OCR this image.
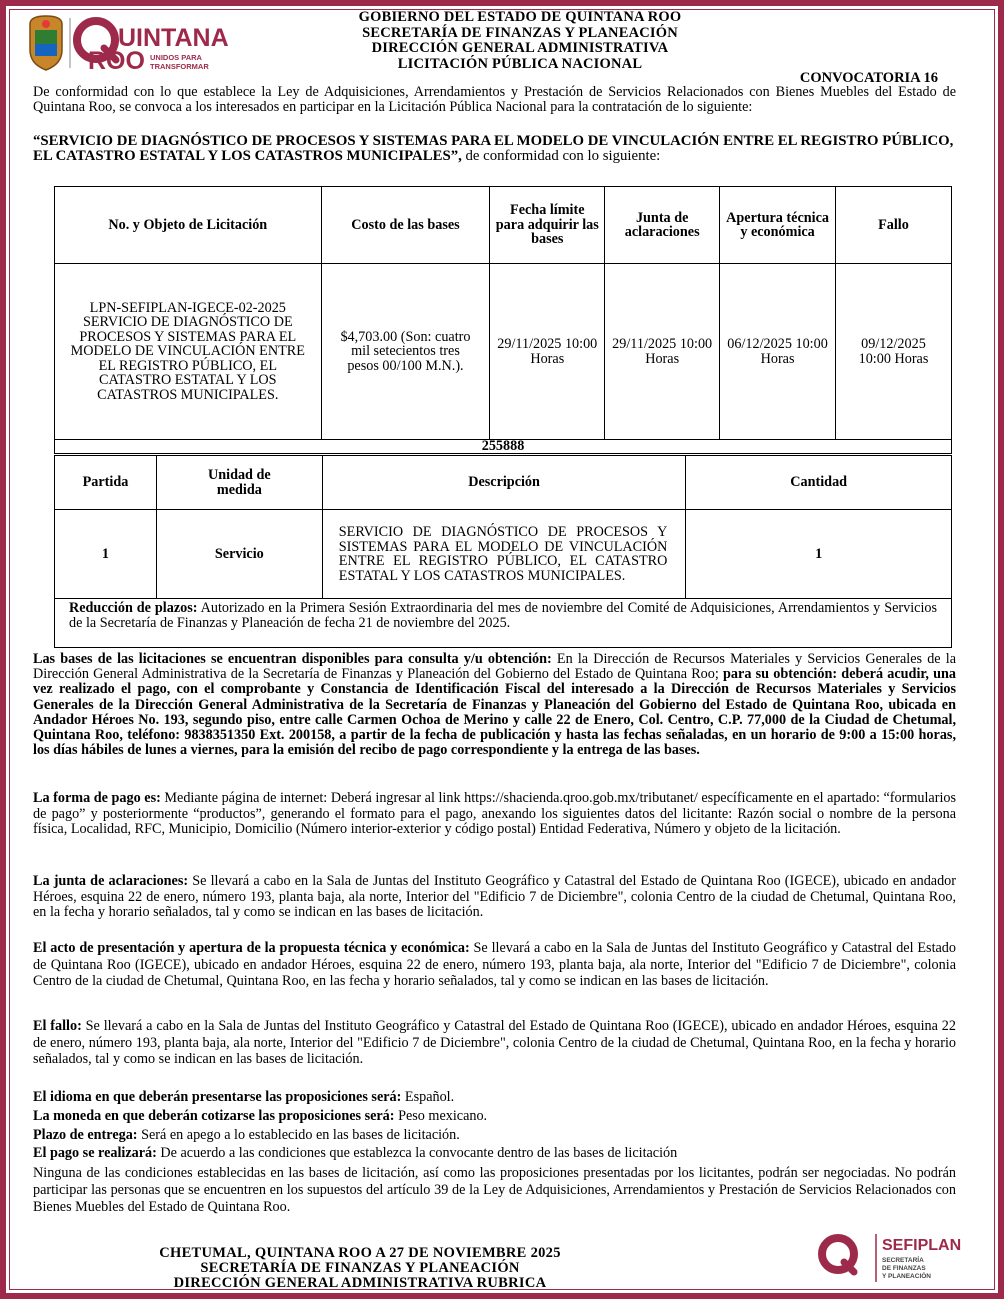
UINTANA
ROO UNIDOS PARA
TRANSFORMAR
GOBIERNO DEL ESTADO DE QUINTANA ROO
SECRETARÍA DE FINANZAS Y PLANEACIÓN
DIRECCIÓN GENERAL ADMINISTRATIVA
LICITACIÓN PÚBLICA NACIONAL
CONVOCATORIA 16
De conformidad con lo que establece la Ley de Adquisiciones, Arrendamientos y Prestación de Servicios Relacionados con Bienes Muebles del Estado de Quintana Roo, se convoca a los interesados en participar en la Licitación Pública Nacional para la contratación de lo siguiente:
“SERVICIO DE DIAGNÓSTICO DE PROCESOS Y SISTEMAS PARA EL MODELO DE VINCULACIÓN ENTRE EL REGISTRO PÚBLICO, EL CATASTRO ESTATAL Y LOS CATASTROS MUNICIPALES”, de conformidad con lo siguiente:
No. y Objeto de Licitación	Costo de las bases	Fecha límite para adquirir las bases	Junta de aclaraciones	Apertura técnica y económica	Fallo
LPN-SEFIPLAN-IGECE-02-2025 SERVICIO DE DIAGNÓSTICO DE PROCESOS Y SISTEMAS PARA EL MODELO DE VINCULACIÓN ENTRE EL REGISTRO PÚBLICO, EL CATASTRO ESTATAL Y LOS CATASTROS MUNICIPALES.	$4,703.00 (Son: cuatro mil setecientos tres pesos 00/100 M.N.).	29/11/2025 10:00 Horas	29/11/2025 10:00 Horas	06/12/2025 10:00 Horas	09/12/2025 10:00 Horas
255888					
Partida	Unidad de medida	Descripción	Cantidad
1	Servicio	SERVICIO DE DIAGNÓSTICO DE PROCESOS Y SISTEMAS PARA EL MODELO DE VINCULACIÓN ENTRE EL REGISTRO PÚBLICO, EL CATASTRO ESTATAL Y LOS CATASTROS MUNICIPALES.	1
Reducción de plazos: Autorizado en la Primera Sesión Extraordinaria del mes de noviembre del Comité de Adquisiciones, Arrendamientos y Servicios de la Secretaría de Finanzas y Planeación de fecha 21 de noviembre del 2025.			
Las bases de las licitaciones se encuentran disponibles para consulta y/u obtención: En la Dirección de Recursos Materiales y Servicios Generales de la Dirección General Administrativa de la Secretaría de Finanzas y Planeación del Gobierno del Estado de Quintana Roo; para su obtención: deberá acudir, una vez realizado el pago, con el comprobante y Constancia de Identificación Fiscal del interesado a la Dirección de Recursos Materiales y Servicios Generales de la Dirección General Administrativa de la Secretaría de Finanzas y Planeación del Gobierno del Estado de Quintana Roo, ubicada en Andador Héroes No. 193, segundo piso, entre calle Carmen Ochoa de Merino y calle 22 de Enero, Col. Centro, C.P. 77,000 de la Ciudad de Chetumal, Quintana Roo, teléfono: 9838351350 Ext. 200158, a partir de la fecha de publicación y hasta las fechas señaladas, en un horario de 9:00 a 15:00 horas, los días hábiles de lunes a viernes, para la emisión del recibo de pago correspondiente y la entrega de las bases.
La forma de pago es: Mediante página de internet: Deberá ingresar al link https://shacienda.qroo.gob.mx/tributanet/ específicamente en el apartado: “formularios de pago” y posteriormente “productos”, generando el formato para el pago, anexando los siguientes datos del licitante: Razón social o nombre de la persona física, Localidad, RFC, Municipio, Domicilio (Número interior-exterior y código postal) Entidad Federativa, Número y objeto de la licitación.
La junta de aclaraciones: Se llevará a cabo en la Sala de Juntas del Instituto Geográfico y Catastral del Estado de Quintana Roo (IGECE), ubicado en andador Héroes, esquina 22 de enero, número 193, planta baja, ala norte, Interior del "Edificio 7 de Diciembre", colonia Centro de la ciudad de Chetumal, Quintana Roo, en la fecha y horario señalados, tal y como se indican en las bases de licitación.
El acto de presentación y apertura de la propuesta técnica y económica: Se llevará a cabo en la Sala de Juntas del Instituto Geográfico y Catastral del Estado de Quintana Roo (IGECE), ubicado en andador Héroes, esquina 22 de enero, número 193, planta baja, ala norte, Interior del "Edificio 7 de Diciembre", colonia Centro de la ciudad de Chetumal, Quintana Roo, en las fecha y horario señalados, tal y como se indican en las bases de licitación.
El fallo: Se llevará a cabo en la Sala de Juntas del Instituto Geográfico y Catastral del Estado de Quintana Roo (IGECE), ubicado en andador Héroes, esquina 22 de enero, número 193, planta baja, ala norte, Interior del "Edificio 7 de Diciembre", colonia Centro de la ciudad de Chetumal, Quintana Roo, en la fecha y horario señalados, tal y como se indican en las bases de licitación.
El idioma en que deberán presentarse las proposiciones será: Español.
La moneda en que deberán cotizarse las proposiciones será: Peso mexicano.
Plazo de entrega: Será en apego a lo establecido en las bases de licitación.
El pago se realizará: De acuerdo a las condiciones que establezca la convocante dentro de las bases de licitación
Ninguna de las condiciones establecidas en las bases de licitación, así como las proposiciones presentadas por los licitantes, podrán ser negociadas. No podrán participar las personas que se encuentren en los supuestos del artículo 39 de la Ley de Adquisiciones, Arrendamientos y Prestación de Servicios Relacionados con Bienes Muebles del Estado de Quintana Roo.
CHETUMAL, QUINTANA ROO A 27 DE NOVIEMBRE 2025
SECRETARÍA DE FINANZAS Y PLANEACIÓN
DIRECCIÓN GENERAL ADMINISTRATIVA RUBRICA
SEFIPLAN
SECRETARÍA
DE FINANZAS
Y PLANEACIÓN
